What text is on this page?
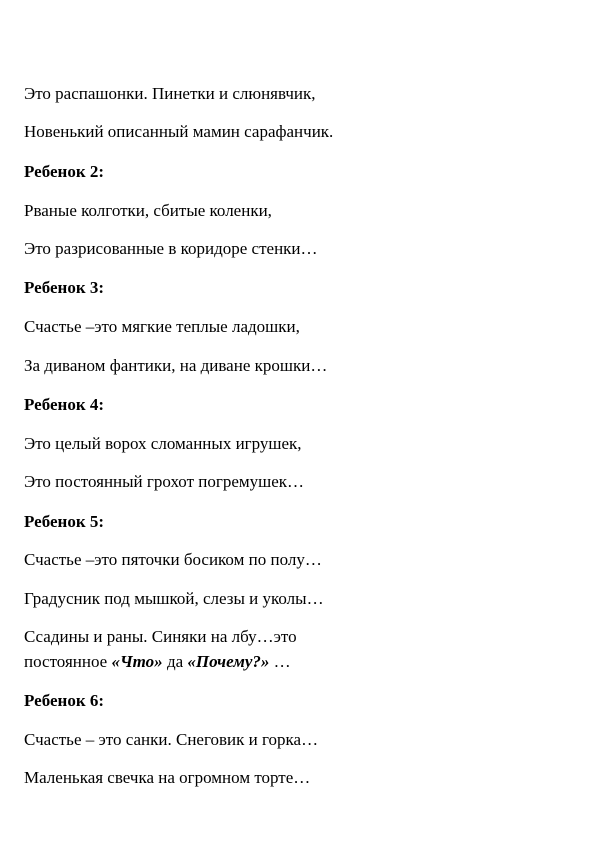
Это распашонки. Пинетки и слюнявчик,
Новенький описанный мамин сарафанчик.
Ребенок 2:
Рваные колготки, сбитые коленки,
Это разрисованные в коридоре стенки…
Ребенок 3:
Счастье –это мягкие теплые ладошки,
За диваном фантики, на диване крошки…
Ребенок 4:
Это целый ворох сломанных игрушек,
Это постоянный грохот погремушек…
Ребенок 5:
Счастье –это пяточки босиком по полу…
Градусник под мышкой, слезы и уколы…
Ссадины и раны. Синяки на лбу…это
постоянное «Что» да «Почему?» …
Ребенок 6:
Счастье – это санки. Снеговик и горка…
Маленькая свечка на огромном торте…
